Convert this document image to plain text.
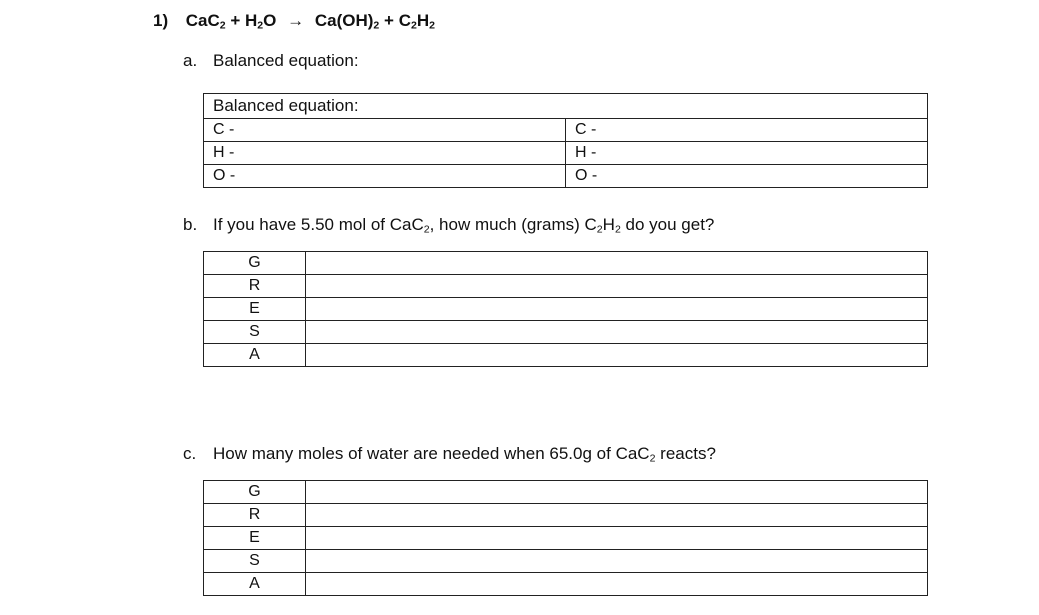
1) $CaC_2 + H_2O \to Ca(OH)_2 + C_2H_2$
a. Balanced equation:
Balanced equation:	
C -	C -
H -	H -
O -	O -
b. If you have 5.50 mol of CaC$_2$, how much (grams) $C_2H_2$ do you get?
G	
R	
E	
S	
A	
c. How many moles of water are needed when 65.0g of CaC$_2$ reacts?
G	
R	
E	
S	
A	
